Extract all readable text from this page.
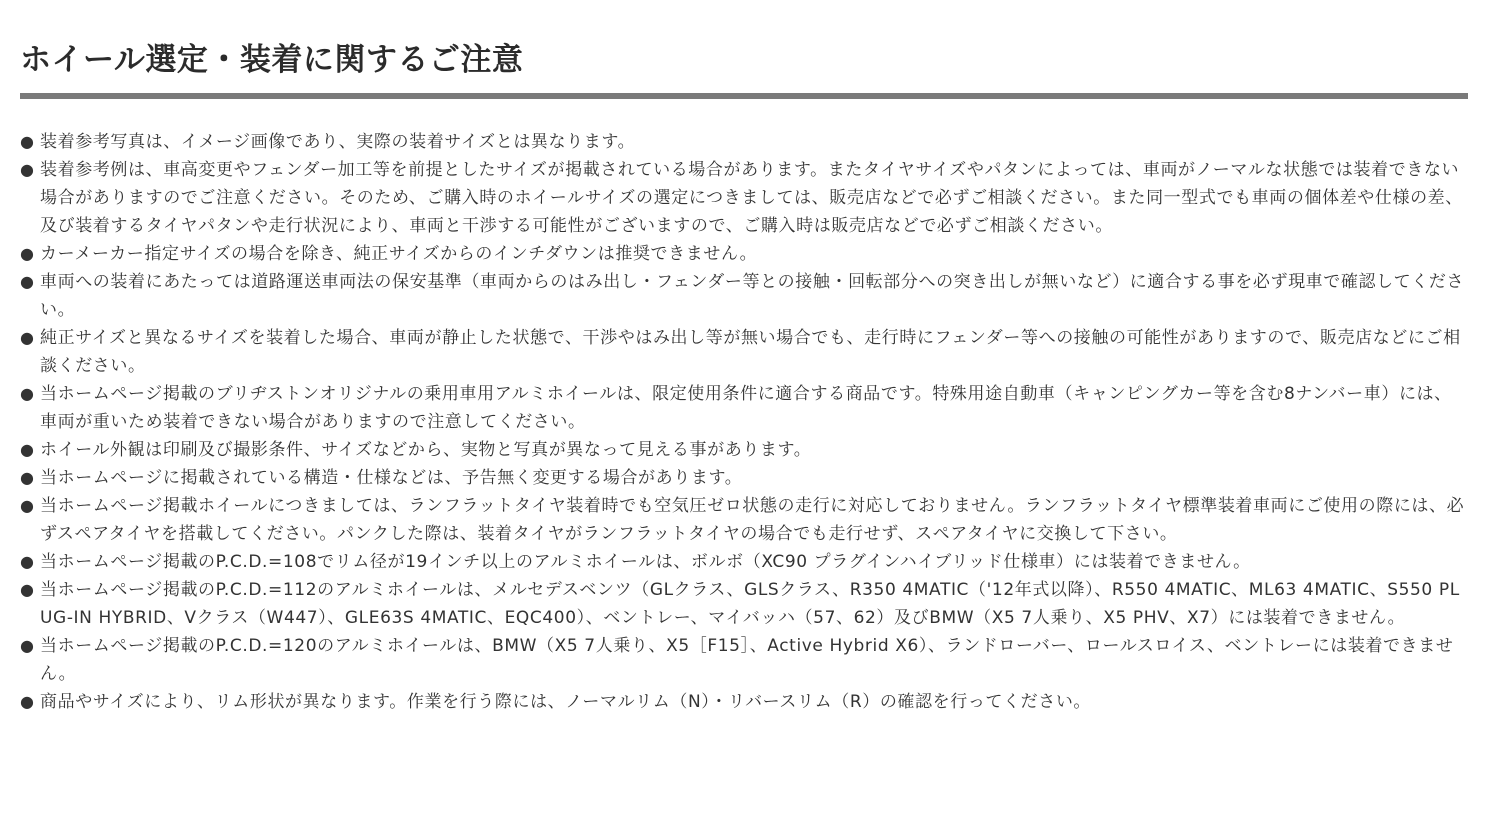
ホイール選定・装着に関するご注意
● 装着参考写真は、イメージ画像であり、実際の装着サイズとは異なります。
● 装着参考例は、車高変更やフェンダー加工等を前提としたサイズが掲載されている場合があります。またタイヤサイズやパタンによっては、車両がノーマルな状態では装着できない場合がありますのでご注意ください。そのため、ご購入時のホイールサイズの選定につきましては、販売店などで必ずご相談ください。また同一型式でも車両の個体差や仕様の差、及び装着するタイヤパタンや走行状況により、車両と干渉する可能性がございますので、ご購入時は販売店などで必ずご相談ください。
● カーメーカー指定サイズの場合を除き、純正サイズからのインチダウンは推奨できません。
● 車両への装着にあたっては道路運送車両法の保安基準（車両からのはみ出し・フェンダー等との接触・回転部分への突き出しが無いなど）に適合する事を必ず現車で確認してください。
● 純正サイズと異なるサイズを装着した場合、車両が静止した状態で、干渉やはみ出し等が無い場合でも、走行時にフェンダー等への接触の可能性がありますので、販売店などにご相談ください。
● 当ホームページ掲載のブリヂストンオリジナルの乗用車用アルミホイールは、限定使用条件に適合する商品です。特殊用途自動車（キャンピングカー等を含む8ナンバー車）には、車両が重いため装着できない場合がありますので注意してください。
● ホイール外観は印刷及び撮影条件、サイズなどから、実物と写真が異なって見える事があります。
● 当ホームページに掲載されている構造・仕様などは、予告無く変更する場合があります。
● 当ホームページ掲載ホイールにつきましては、ランフラットタイヤ装着時でも空気圧ゼロ状態の走行に対応しておりません。ランフラットタイヤ標準装着車両にご使用の際には、必ずスペアタイヤを搭載してください。パンクした際は、装着タイヤがランフラットタイヤの場合でも走行せず、スペアタイヤに交換して下さい。
● 当ホームページ掲載のP.C.D.=108でリム径が19インチ以上のアルミホイールは、ボルボ（XC90 プラグインハイブリッド仕様車）には装着できません。
● 当ホームページ掲載のP.C.D.=112のアルミホイールは、メルセデスベンツ（GLクラス、GLSクラス、R350 4MATIC（'12年式以降）、R550 4MATIC、ML63 4MATIC、S550 PLUG-IN HYBRID、Vクラス（W447）、GLE63S 4MATIC、EQC400）、ベントレー、マイバッハ（57、62）及びBMW（X5 7人乗り、X5 PHV、X7）には装着できません。
● 当ホームページ掲載のP.C.D.=120のアルミホイールは、BMW（X5 7人乗り、X5［F15］、Active Hybrid X6）、ランドローバー、ロールスロイス、ベントレーには装着できません。
● 商品やサイズにより、リム形状が異なります。作業を行う際には、ノーマルリム（N）・リバースリム（R）の確認を行ってください。
